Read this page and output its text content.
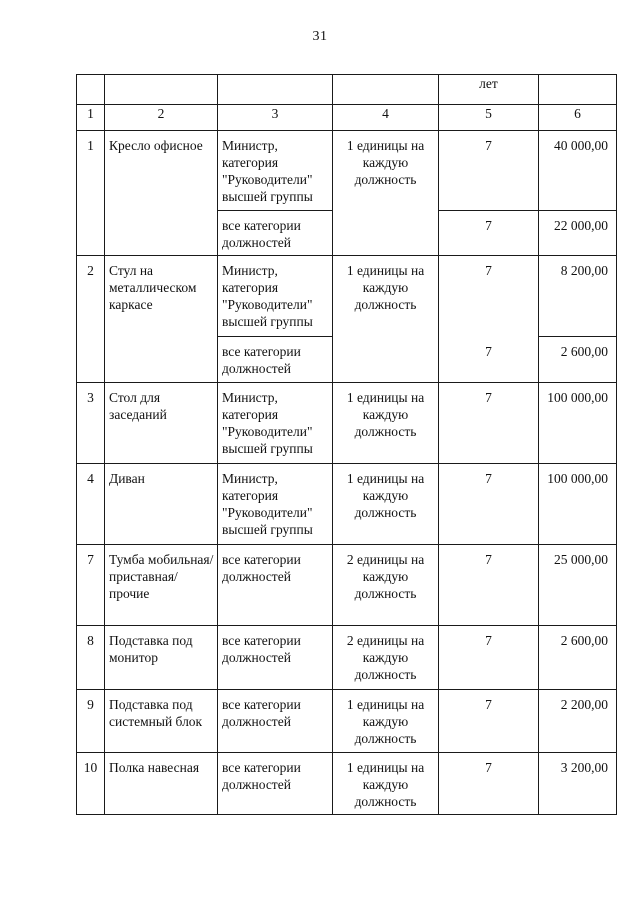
31
				лет	
1	2	3	4	5	6
1	Кресло офисное	Министр, категория "Руководители" высшей группы	1 единицы на каждую должность	7	40 000,00
		все категории должностей		7	22 000,00
2	Стул на металлическом каркасе	Министр, категория "Руководители" высшей группы	1 единицы на каждую должность	7	8 200,00
		все категории должностей		7	2 600,00
3	Стол для заседаний	Министр, категория "Руководители" высшей группы	1 единицы на каждую должность	7	100 000,00
4	Диван	Министр, категория "Руководители" высшей группы	1 единицы на каждую должность	7	100 000,00
7	Тумба мобильная/ приставная/ прочие	все категории должностей	2 единицы на каждую должность	7	25 000,00
8	Подставка под монитор	все категории должностей	2 единицы на каждую должность	7	2 600,00
9	Подставка под системный блок	все категории должностей	1 единицы на каждую должность	7	2 200,00
10	Полка навесная	все категории должностей	1 единицы на каждую должность	7	3 200,00
